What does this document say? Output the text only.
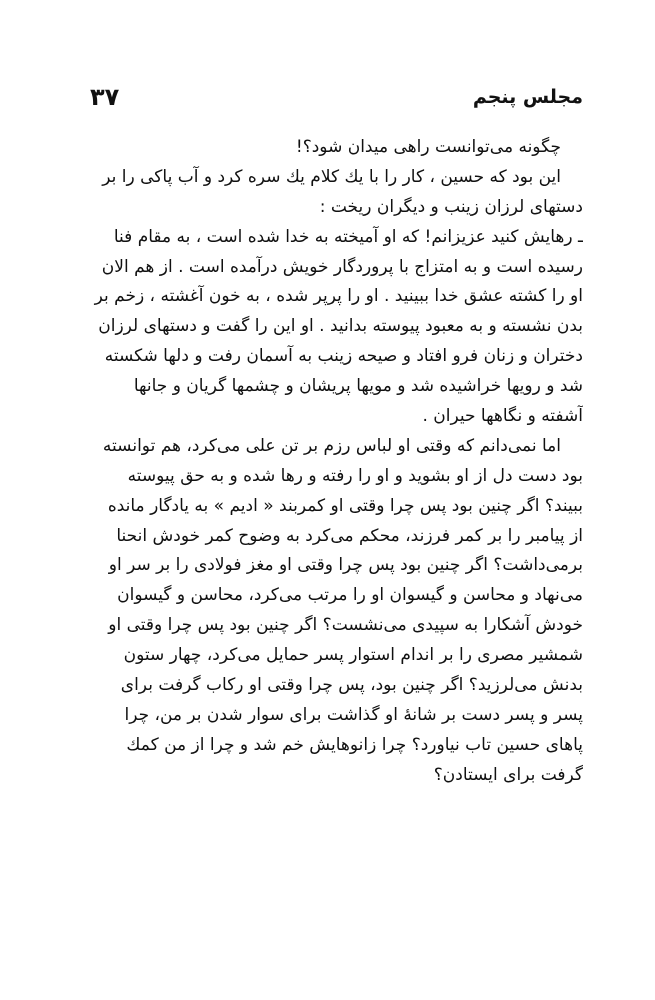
مجلس پنجم
۳۷
چگونه می‌توانست راهی میدان شود؟!
این بود که حسین ، کار را با یك کلام یك سره کرد و آب پاکی را بر
دستهای لرزان زینب و دیگران ریخت :
ـ رهایش کنید عزیزانم! که او آمیخته به خدا شده است ، به مقام فنا
رسیده است و به امتزاج با پروردگار خویش درآمده است . از هم الان
او را کشته عشق خدا ببینید . او را پرپر شده ، به خون آغشته ، زخم بر
بدن نشسته و به معبود پیوسته بدانید . او این را گفت و دستهای لرزان
دختران و زنان فرو افتاد و صیحه زینب به آسمان رفت و دلها شکسته
شد و رویها خراشیده شد و مویها پریشان و چشمها گریان و جانها
آشفته و نگاهها حیران .
اما نمی‌دانم که وقتی او لباس رزم بر تن علی می‌کرد، هم توانسته
بود دست دل از او بشوید و او را رفته و رها شده و به حق پیوسته
ببیند؟ اگر چنین بود پس چرا وقتی او کمربند « ادیم » به یادگار مانده
از پیامبر را بر کمر فرزند، محکم می‌کرد به وضوح کمر خودش انحنا
برمی‌داشت؟ اگر چنین بود پس چرا وقتی او مغز فولادی را بر سر او
می‌نهاد و محاسن و گیسوان او را مرتب می‌کرد، محاسن و گیسوان
خودش آشکارا به سپیدی می‌نشست؟ اگر چنین بود پس چرا وقتی او
شمشیر مصری را بر اندام استوار پسر حمایل می‌کرد، چهار ستون
بدنش می‌لرزید؟ اگر چنین بود، پس چرا وقتی او رکاب گرفت برای
پسر و پسر دست بر شانهٔ او گذاشت برای سوار شدن بر من، چرا
پاهای حسین تاب نیاورد؟ چرا زانوهایش خم شد و چرا از من کمك
گرفت برای ایستادن؟
